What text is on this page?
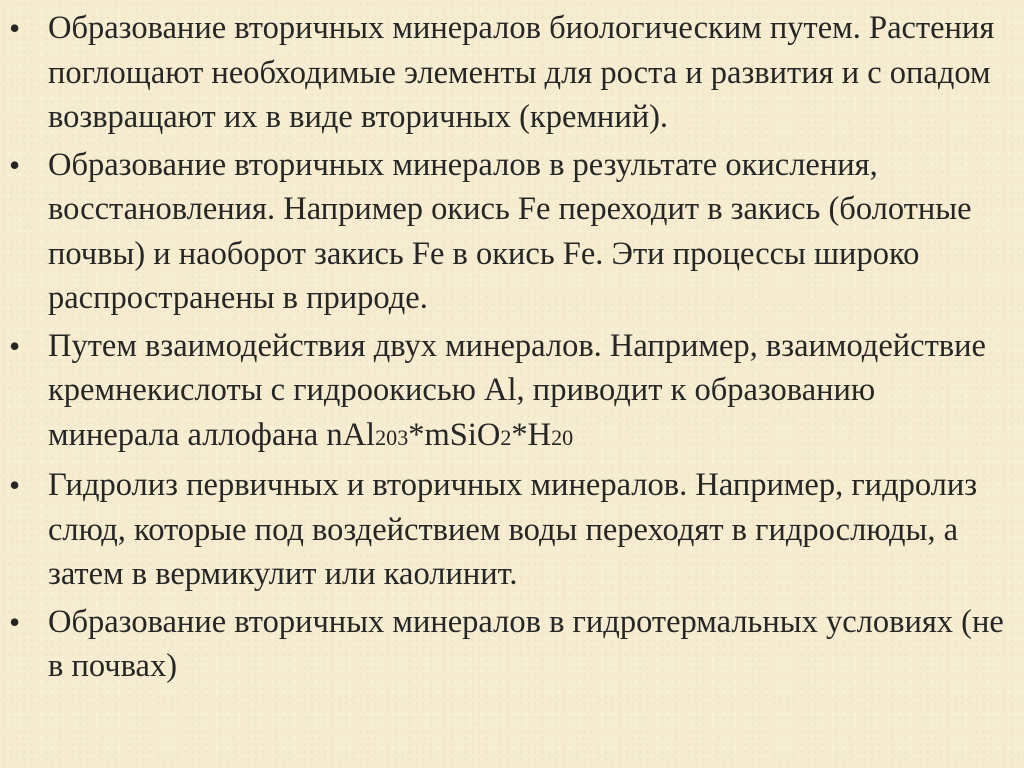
• Образование вторичных минералов биологическим путем. Растения поглощают необходимые элементы для роста и развития и с опадом возвращают их в виде вторичных (кремний).
• Образование вторичных минералов в результате окисления, восстановления. Например окись Fe переходит в закись (болотные почвы) и наоборот закись Fe в окись Fe. Эти процессы широко распространены в природе.
• Путем взаимодействия двух минералов. Например, взаимодействие кремнекислоты с гидроокисью Al, приводит к образованию минерала аллофана nAl203*mSiO2*H20
• Гидролиз первичных и вторичных минералов. Например, гидролиз слюд, которые под воздействием воды переходят в гидрослюды, а затем в вермикулит или каолинит.
• Образование вторичных минералов в гидротермальных условиях (не в почвах)
